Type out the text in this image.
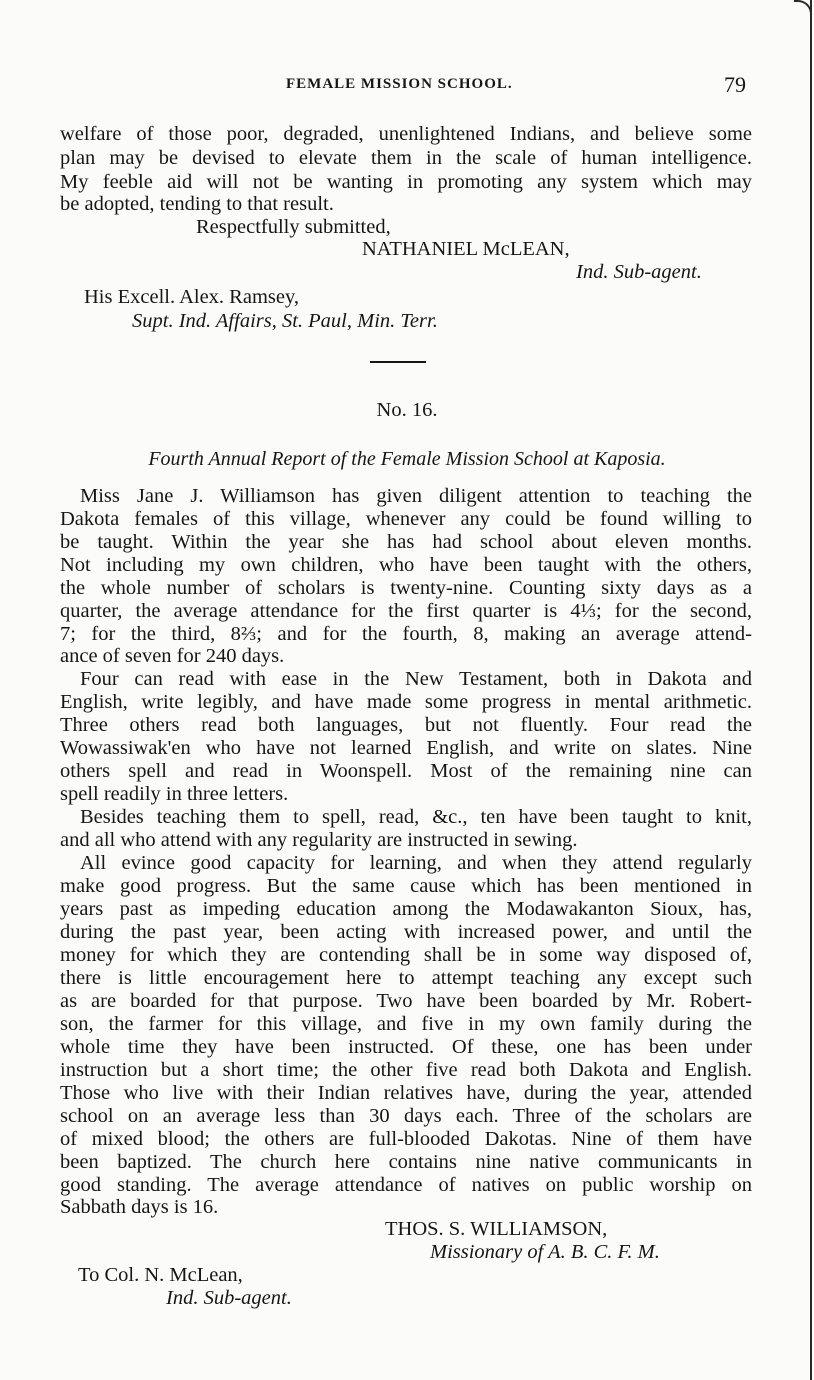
FEMALE MISSION SCHOOL.	79
welfare of those poor, degraded, unenlightened Indians, and believe some
plan may be devised to elevate them in the scale of human intelligence.
My feeble aid will not be wanting in promoting any system which may
be adopted, tending to that result.
Respectfully submitted,
NATHANIEL McLEAN,
Ind. Sub-agent.
His Excell. Alex. Ramsey,
Supt. Ind. Affairs, St. Paul, Min. Terr.
No. 16.
Fourth Annual Report of the Female Mission School at Kaposia.
Miss Jane J. Williamson has given diligent attention to teaching the
Dakota females of this village, whenever any could be found willing to
be taught. Within the year she has had school about eleven months.
Not including my own children, who have been taught with the others,
the whole number of scholars is twenty-nine. Counting sixty days as a
quarter, the average attendance for the first quarter is 4⅓; for the second,
7; for the third, 8⅔; and for the fourth, 8, making an average attend-
ance of seven for 240 days.
Four can read with ease in the New Testament, both in Dakota and
English, write legibly, and have made some progress in mental arithmetic.
Three others read both languages, but not fluently. Four read the
Wowassiwak'en who have not learned English, and write on slates. Nine
others spell and read in Woonspell. Most of the remaining nine can
spell readily in three letters.
Besides teaching them to spell, read, &c., ten have been taught to knit,
and all who attend with any regularity are instructed in sewing.
All evince good capacity for learning, and when they attend regularly
make good progress. But the same cause which has been mentioned in
years past as impeding education among the Modawakanton Sioux, has,
during the past year, been acting with increased power, and until the
money for which they are contending shall be in some way disposed of,
there is little encouragement here to attempt teaching any except such
as are boarded for that purpose. Two have been boarded by Mr. Robert-
son, the farmer for this village, and five in my own family during the
whole time they have been instructed. Of these, one has been under
instruction but a short time; the other five read both Dakota and English.
Those who live with their Indian relatives have, during the year, attended
school on an average less than 30 days each. Three of the scholars are
of mixed blood; the others are full-blooded Dakotas. Nine of them have
been baptized. The church here contains nine native communicants in
good standing. The average attendance of natives on public worship on
Sabbath days is 16.
THOS. S. WILLIAMSON,
Missionary of A. B. C. F. M.
To Col. N. McLean,
Ind. Sub-agent.
